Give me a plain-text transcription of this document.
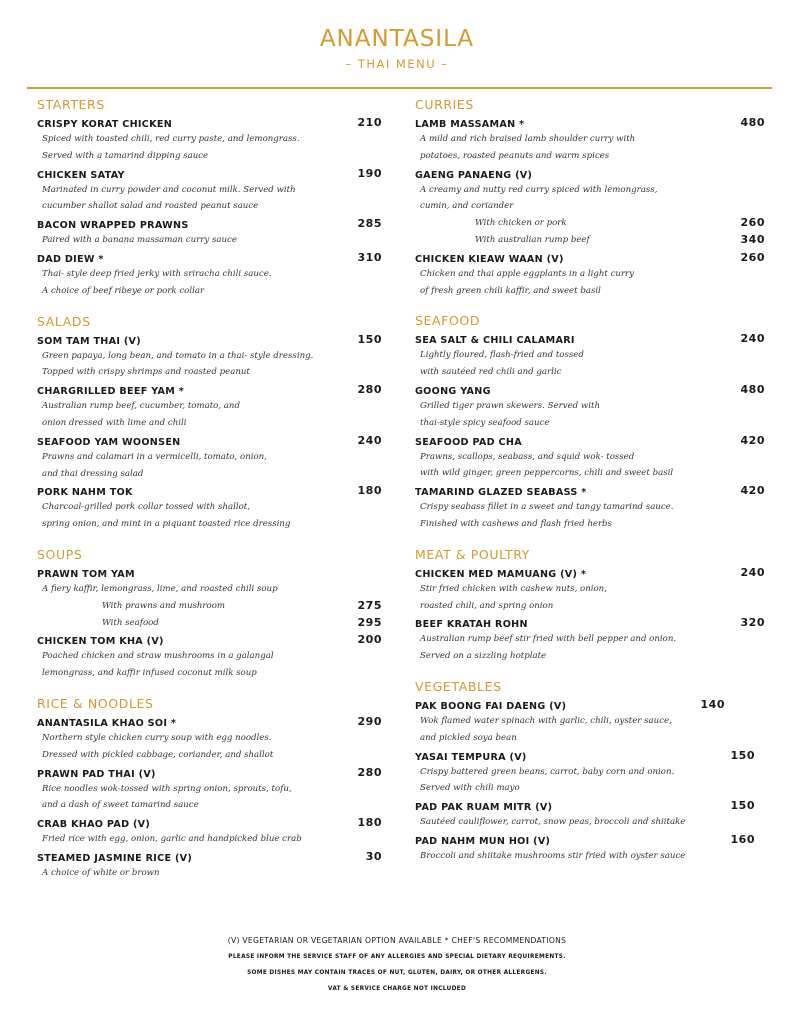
ANANTASILA
– THAI MENU –
STARTERS
CRISPY KORAT CHICKEN	210
Spiced with toasted chili, red curry paste, and lemongrass.
Served with a tamarind dipping sauce
CHICKEN SATAY	190
Marinated in curry powder and coconut milk. Served with
cucumber shallot salad and roasted peanut sauce
BACON WRAPPED PRAWNS	285
Paired with a banana massaman curry sauce
DAD DIEW *	310
Thai- style deep fried jerky with sriracha chili sauce.
A choice of beef ribeye or pork collar
SALADS
SOM TAM THAI (V)	150
Green papaya, long bean, and tomato in a thai- style dressing.
Topped with crispy shrimps and roasted peanut
CHARGRILLED BEEF YAM *	280
Australian rump beef, cucumber, tomato, and
onion dressed with lime and chili
SEAFOOD YAM WOONSEN	240
Prawns and calamari in a vermicelli, tomato, onion,
and thai dressing salad
PORK NAHM TOK	180
Charcoal-grilled pork collar tossed with shallot,
spring onion, and mint in a piquant toasted rice dressing
SOUPS
PRAWN TOM YAM
A fiery kaffir, lemongrass, lime, and roasted chili soup
With prawns and mushroom	275
With seafood	295
CHICKEN TOM KHA (V)	200
Poached chicken and straw mushrooms in a galangal
lemongrass, and kaffir infused coconut milk soup
RICE & NOODLES
ANANTASILA KHAO SOI *	290
Northern style chicken curry soup with egg noodles.
Dressed with pickled cabbage, coriander, and shallot
PRAWN PAD THAI (V)	280
Rice noodles wok-tossed with spring onion, sprouts, tofu,
and a dash of sweet tamarind sauce
CRAB KHAO PAD (V)	180
Fried rice with egg, onion, garlic and handpicked blue crab
STEAMED JASMINE RICE (V)	30
A choice of white or brown
CURRIES
LAMB MASSAMAN *	480
A mild and rich braised lamb shoulder curry with
potatoes, roasted peanuts and warm spices
GAENG PANAENG (V)
A creamy and nutty red curry spiced with lemongrass,
cumin, and coriander
With chicken or pork	260
With australian rump beef	340
CHICKEN KIEAW WAAN (V)	260
Chicken and thai apple eggplants in a light curry
of fresh green chili kaffir, and sweet basil
SEAFOOD
SEA SALT & CHILI CALAMARI	240
Lightly floured, flash-fried and tossed
with sautéed red chili and garlic
GOONG YANG	480
Grilled tiger prawn skewers. Served with
thai-style spicy seafood sauce
SEAFOOD PAD CHA	420
Prawns, scallops, seabass, and squid wok- tossed
with wild ginger, green peppercorns, chili and sweet basil
TAMARIND GLAZED SEABASS *	420
Crispy seabass fillet in a sweet and tangy tamarind sauce.
Finished with cashews and flash fried herbs
MEAT & POULTRY
CHICKEN MED MAMUANG (V) *	240
Stir fried chicken with cashew nuts, onion,
roasted chili, and spring onion
BEEF KRATAH ROHN	320
Australian rump beef stir fried with bell pepper and onion.
Served on a sizzling hotplate
VEGETABLES
PAK BOONG FAI DAENG (V)	140
Wok flamed water spinach with garlic, chili, oyster sauce,
and pickled soya bean
YASAI TEMPURA (V)	150
Crispy battered green beans, carrot, baby corn and onion.
Served with chili mayo
PAD PAK RUAM MITR (V)	150
Sautéed cauliflower, carrot, snow peas, broccoli and shiitake
PAD NAHM MUN HOI (V)	160
Broccoli and shiitake mushrooms stir fried with oyster sauce
(V) VEGETARIAN OR VEGETARIAN OPTION AVAILABLE * CHEF'S RECOMMENDATIONS
PLEASE INFORM THE SERVICE STAFF OF ANY ALLERGIES AND SPECIAL DIETARY REQUIREMENTS.
SOME DISHES MAY CONTAIN TRACES OF NUT, GLUTEN, DAIRY, OR OTHER ALLERGENS.
VAT & SERVICE CHARGE NOT INCLUDED
